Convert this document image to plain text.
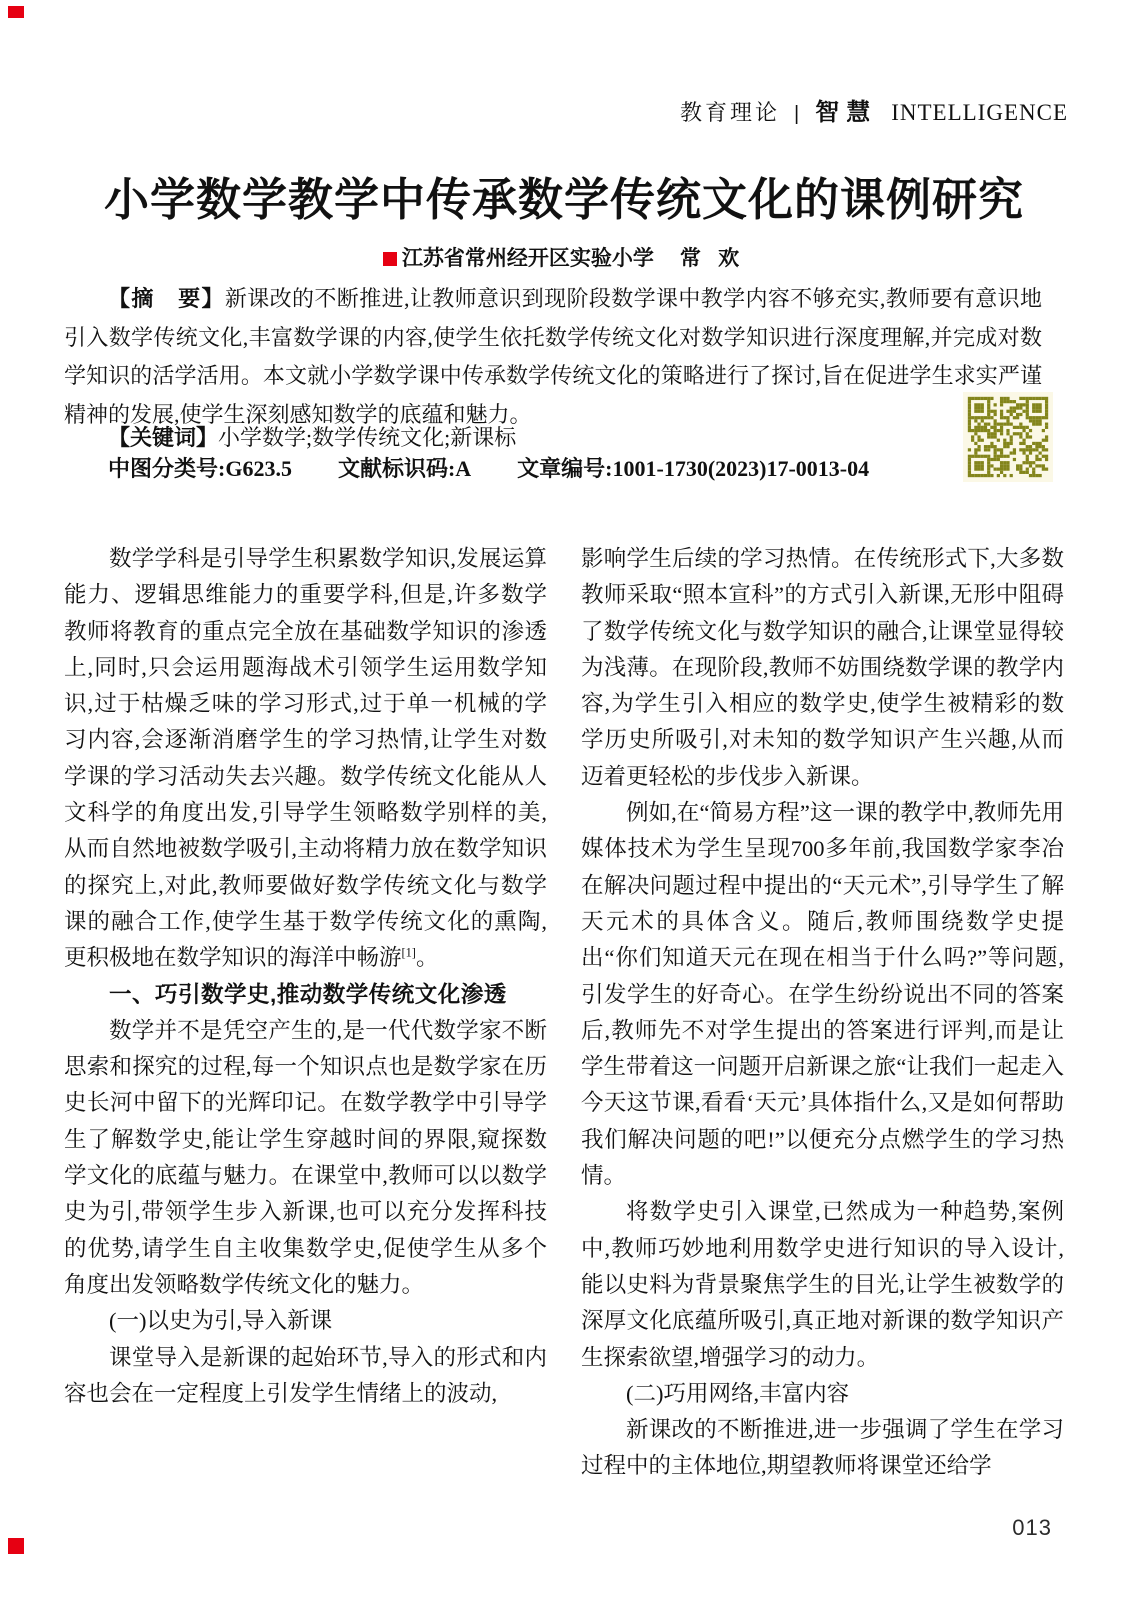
教育理论 | 智慧 INTELLIGENCE
小学数学教学中传承数学传统文化的课例研究
江苏省常州经开区实验小学 常 欢

【摘　要】新课改的不断推进,让教师意识到现阶段数学课中教学内容不够充实,教师要有意识地引入数学传统文化,丰富数学课的内容,使学生依托数学传统文化对数学知识进行深度理解,并完成对数学知识的活学活用。本文就小学数学课中传承数学传统文化的策略进行了探讨,旨在促进学生求实严谨精神的发展,使学生深刻感知数学的底蕴和魅力。

【关键词】小学数学;数学传统文化;新课标
中图分类号:G623.5 文献标识码:A 文章编号:1001-1730(2023)17-0013-04
数学学科是引导学生积累数学知识,发展运算能力、逻辑思维能力的重要学科,但是,许多数学教师将教育的重点完全放在基础数学知识的渗透上,同时,只会运用题海战术引领学生运用数学知识,过于枯燥乏味的学习形式,过于单一机械的学习内容,会逐渐消磨学生的学习热情,让学生对数学课的学习活动失去兴趣。数学传统文化能从人文科学的角度出发,引导学生领略数学别样的美,从而自然地被数学吸引,主动将精力放在数学知识的探究上,对此,教师要做好数学传统文化与数学课的融合工作,使学生基于数学传统文化的熏陶,更积极地在数学知识的海洋中畅游[1]。
一、巧引数学史,推动数学传统文化渗透
数学并不是凭空产生的,是一代代数学家不断思索和探究的过程,每一个知识点也是数学家在历史长河中留下的光辉印记。在数学教学中引导学生了解数学史,能让学生穿越时间的界限,窥探数学文化的底蕴与魅力。在课堂中,教师可以以数学史为引,带领学生步入新课,也可以充分发挥科技的优势,请学生自主收集数学史,促使学生从多个角度出发领略数学传统文化的魅力。
(一)以史为引,导入新课
课堂导入是新课的起始环节,导入的形式和内容也会在一定程度上引发学生情绪上的波动,
影响学生后续的学习热情。在传统形式下,大多数教师采取“照本宣科”的方式引入新课,无形中阻碍了数学传统文化与数学知识的融合,让课堂显得较为浅薄。在现阶段,教师不妨围绕数学课的教学内容,为学生引入相应的数学史,使学生被精彩的数学历史所吸引,对未知的数学知识产生兴趣,从而迈着更轻松的步伐步入新课。
例如,在“简易方程”这一课的教学中,教师先用媒体技术为学生呈现700多年前,我国数学家李冶在解决问题过程中提出的“天元术”,引导学生了解天元术的具体含义。随后,教师围绕数学史提出“你们知道天元在现在相当于什么吗?”等问题,引发学生的好奇心。在学生纷纷说出不同的答案后,教师先不对学生提出的答案进行评判,而是让学生带着这一问题开启新课之旅“让我们一起走入今天这节课,看看‘天元’具体指什么,又是如何帮助我们解决问题的吧!”以便充分点燃学生的学习热情。
将数学史引入课堂,已然成为一种趋势,案例中,教师巧妙地利用数学史进行知识的导入设计,能以史料为背景聚焦学生的目光,让学生被数学的深厚文化底蕴所吸引,真正地对新课的数学知识产生探索欲望,增强学习的动力。
(二)巧用网络,丰富内容
新课改的不断推进,进一步强调了学生在学习过程中的主体地位,期望教师将课堂还给学
013
